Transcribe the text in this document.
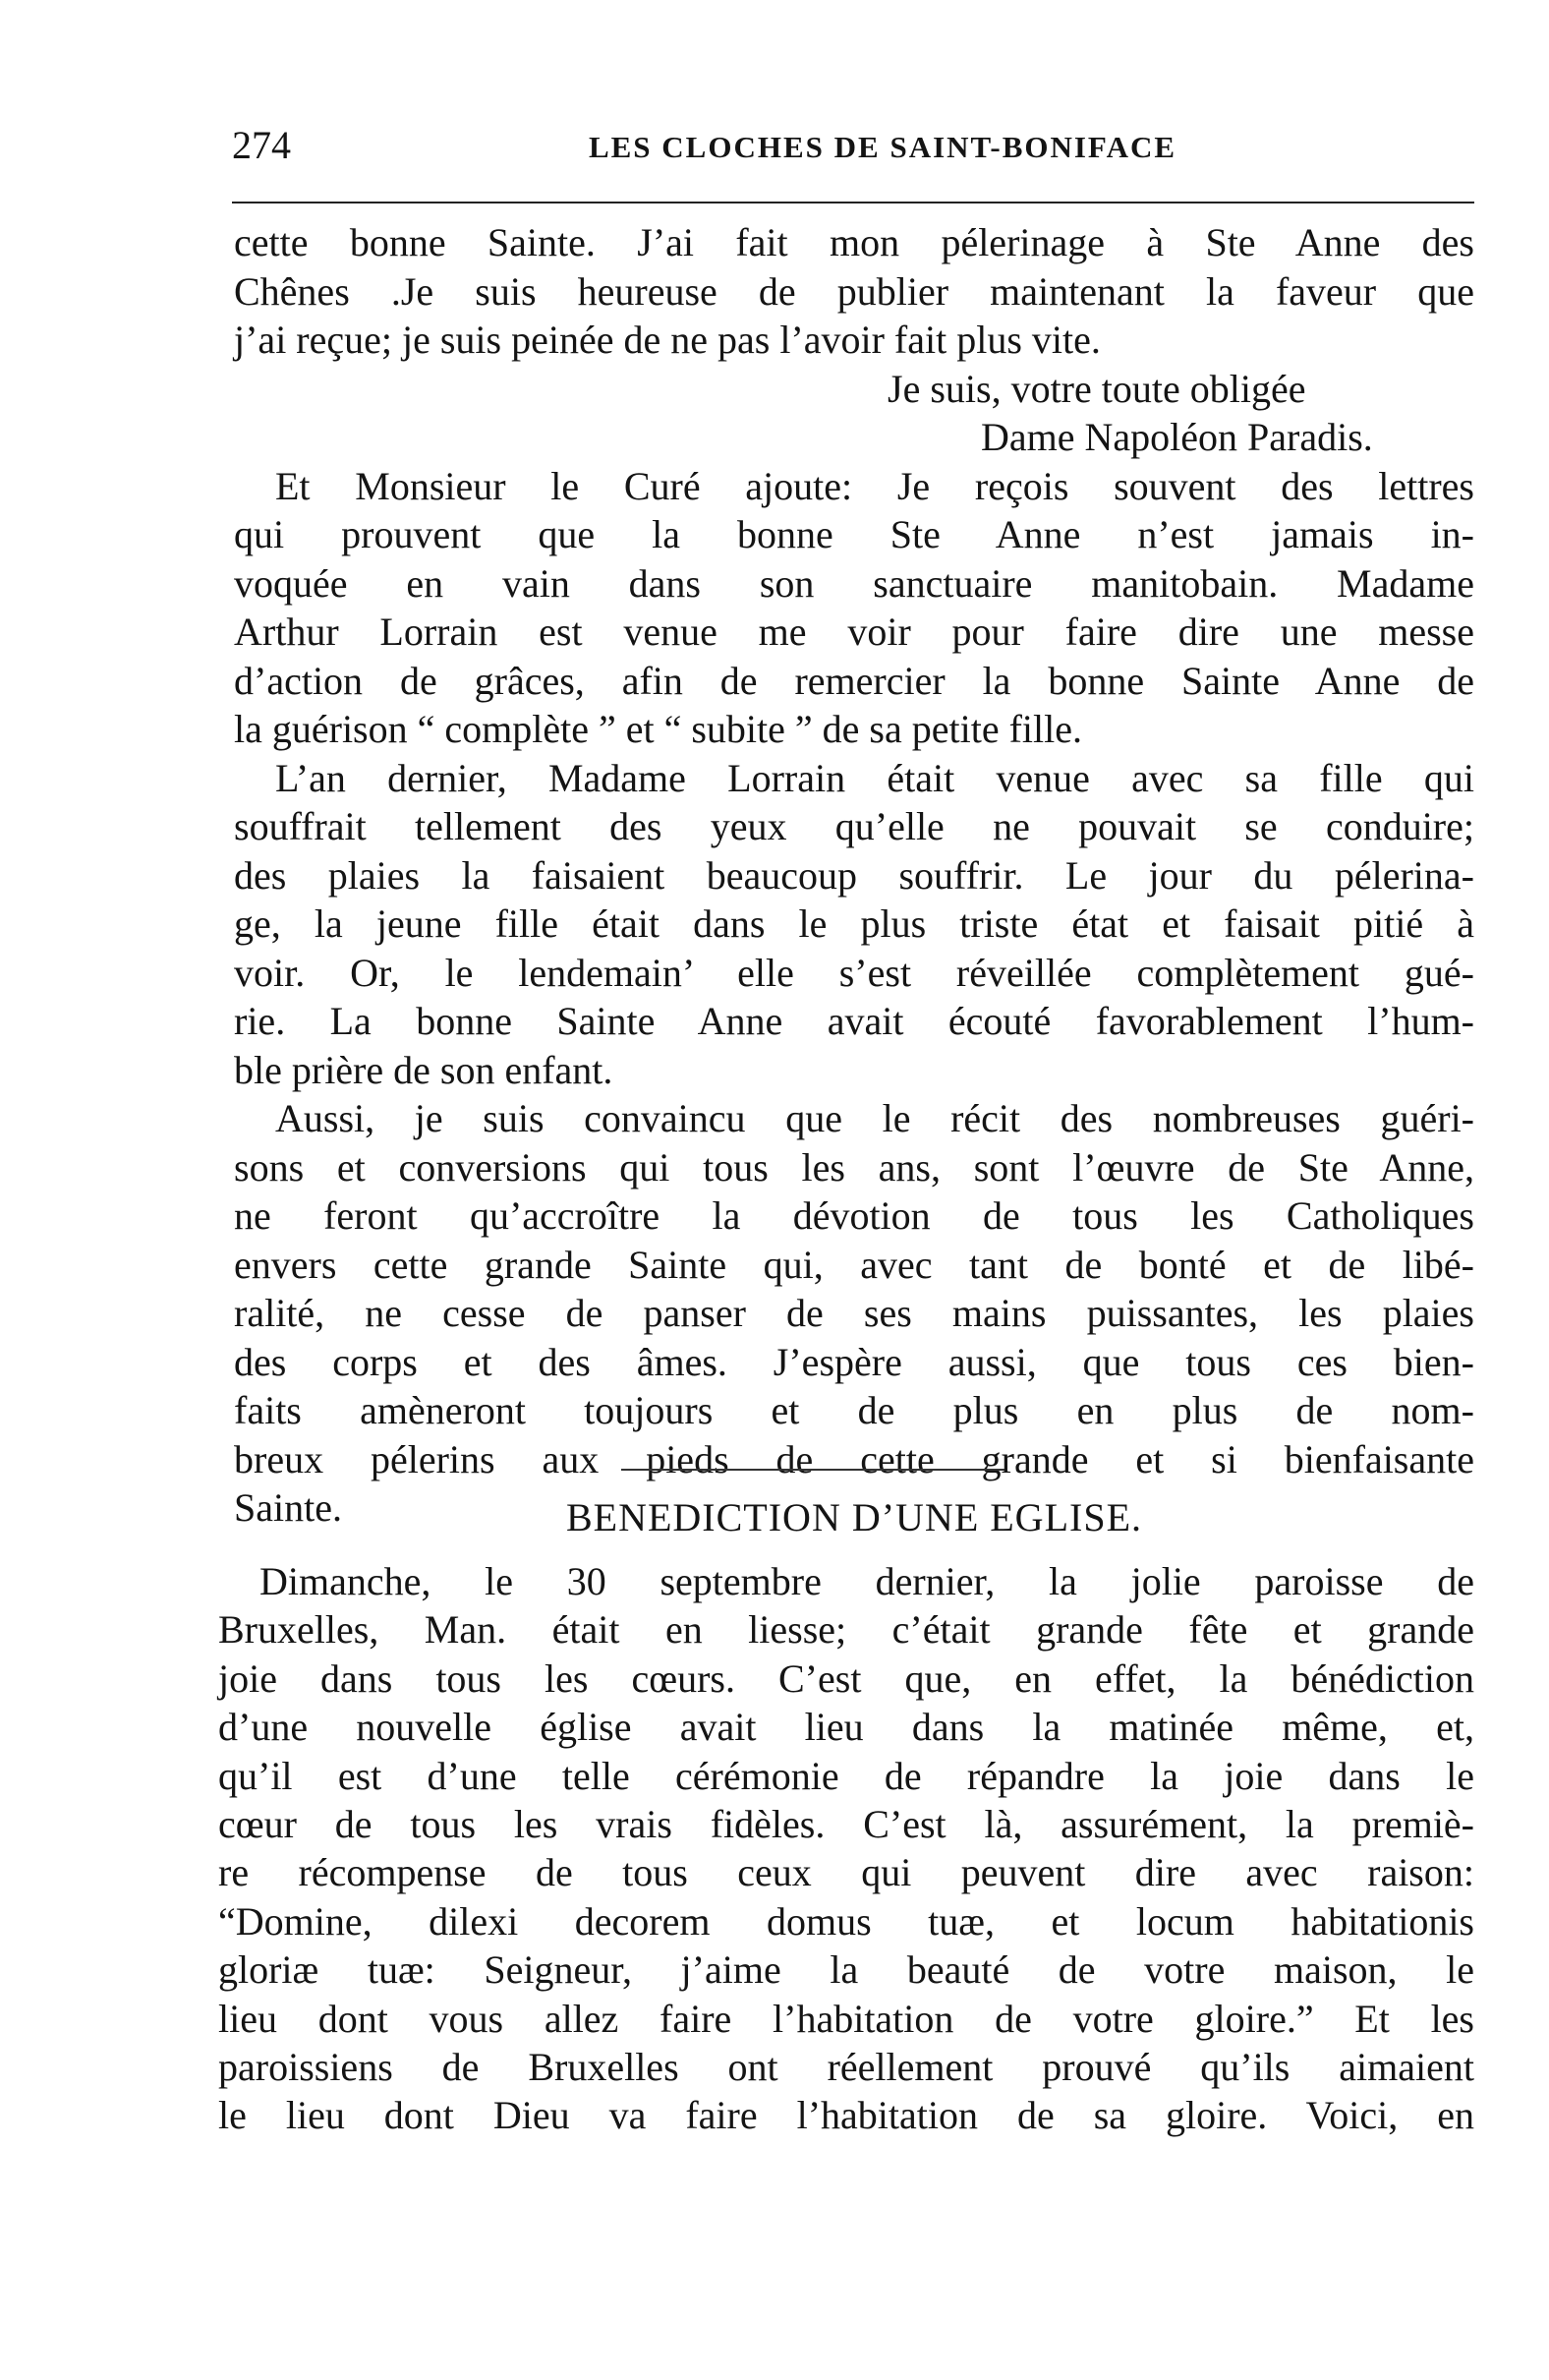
274	LES CLOCHES DE SAINT-BONIFACE
cette bonne Sainte. J’ai fait mon pélerinage à Ste Anne des
Chênes .Je suis heureuse de publier maintenant la faveur que
j’ai reçue; je suis peinée de ne pas l’avoir fait plus vite.
Je suis, votre toute obligée
Dame Napoléon Paradis.
Et Monsieur le Curé ajoute: Je reçois souvent des lettres
qui prouvent que la bonne Ste Anne n’est jamais in-
voquée en vain dans son sanctuaire manitobain. Madame
Arthur Lorrain est venue me voir pour faire dire une messe
d’action de grâces, afin de remercier la bonne Sainte Anne de
la guérison “ complète ” et “ subite ” de sa petite fille.
L’an dernier, Madame Lorrain était venue avec sa fille qui
souffrait tellement des yeux qu’elle ne pouvait se conduire;
des plaies la faisaient beaucoup souffrir. Le jour du pélerina-
ge, la jeune fille était dans le plus triste état et faisait pitié à
voir. Or, le lendemain’ elle s’est réveillée complètement gué-
rie. La bonne Sainte Anne avait écouté favorablement l’hum-
ble prière de son enfant.
Aussi, je suis convaincu que le récit des nombreuses guéri-
sons et conversions qui tous les ans, sont l’œuvre de Ste Anne,
ne feront qu’accroître la dévotion de tous les Catholiques
envers cette grande Sainte qui, avec tant de bonté et de libé-
ralité, ne cesse de panser de ses mains puissantes, les plaies
des corps et des âmes. J’espère aussi, que tous ces bien-
faits amèneront toujours et de plus en plus de nom-
breux pélerins aux pieds de cette grande et si bienfaisante
Sainte.	BENEDICTION D’UNE EGLISE.
Dimanche, le 30 septembre dernier, la jolie paroisse de
Bruxelles, Man. était en liesse; c’était grande fête et grande
joie dans tous les cœurs. C’est que, en effet, la bénédiction
d’une nouvelle église avait lieu dans la matinée même, et,
qu’il est d’une telle cérémonie de répandre la joie dans le
cœur de tous les vrais fidèles. C’est là, assurément, la premiè-
re récompense de tous ceux qui peuvent dire avec raison:
“Domine, dilexi decorem domus tuæ, et locum habitationis
gloriæ tuæ: Seigneur, j’aime la beauté de votre maison, le
lieu dont vous allez faire l’habitation de votre gloire.” Et les
paroissiens de Bruxelles ont réellement prouvé qu’ils aimaient
le lieu dont Dieu va faire l’habitation de sa gloire. Voici, en
